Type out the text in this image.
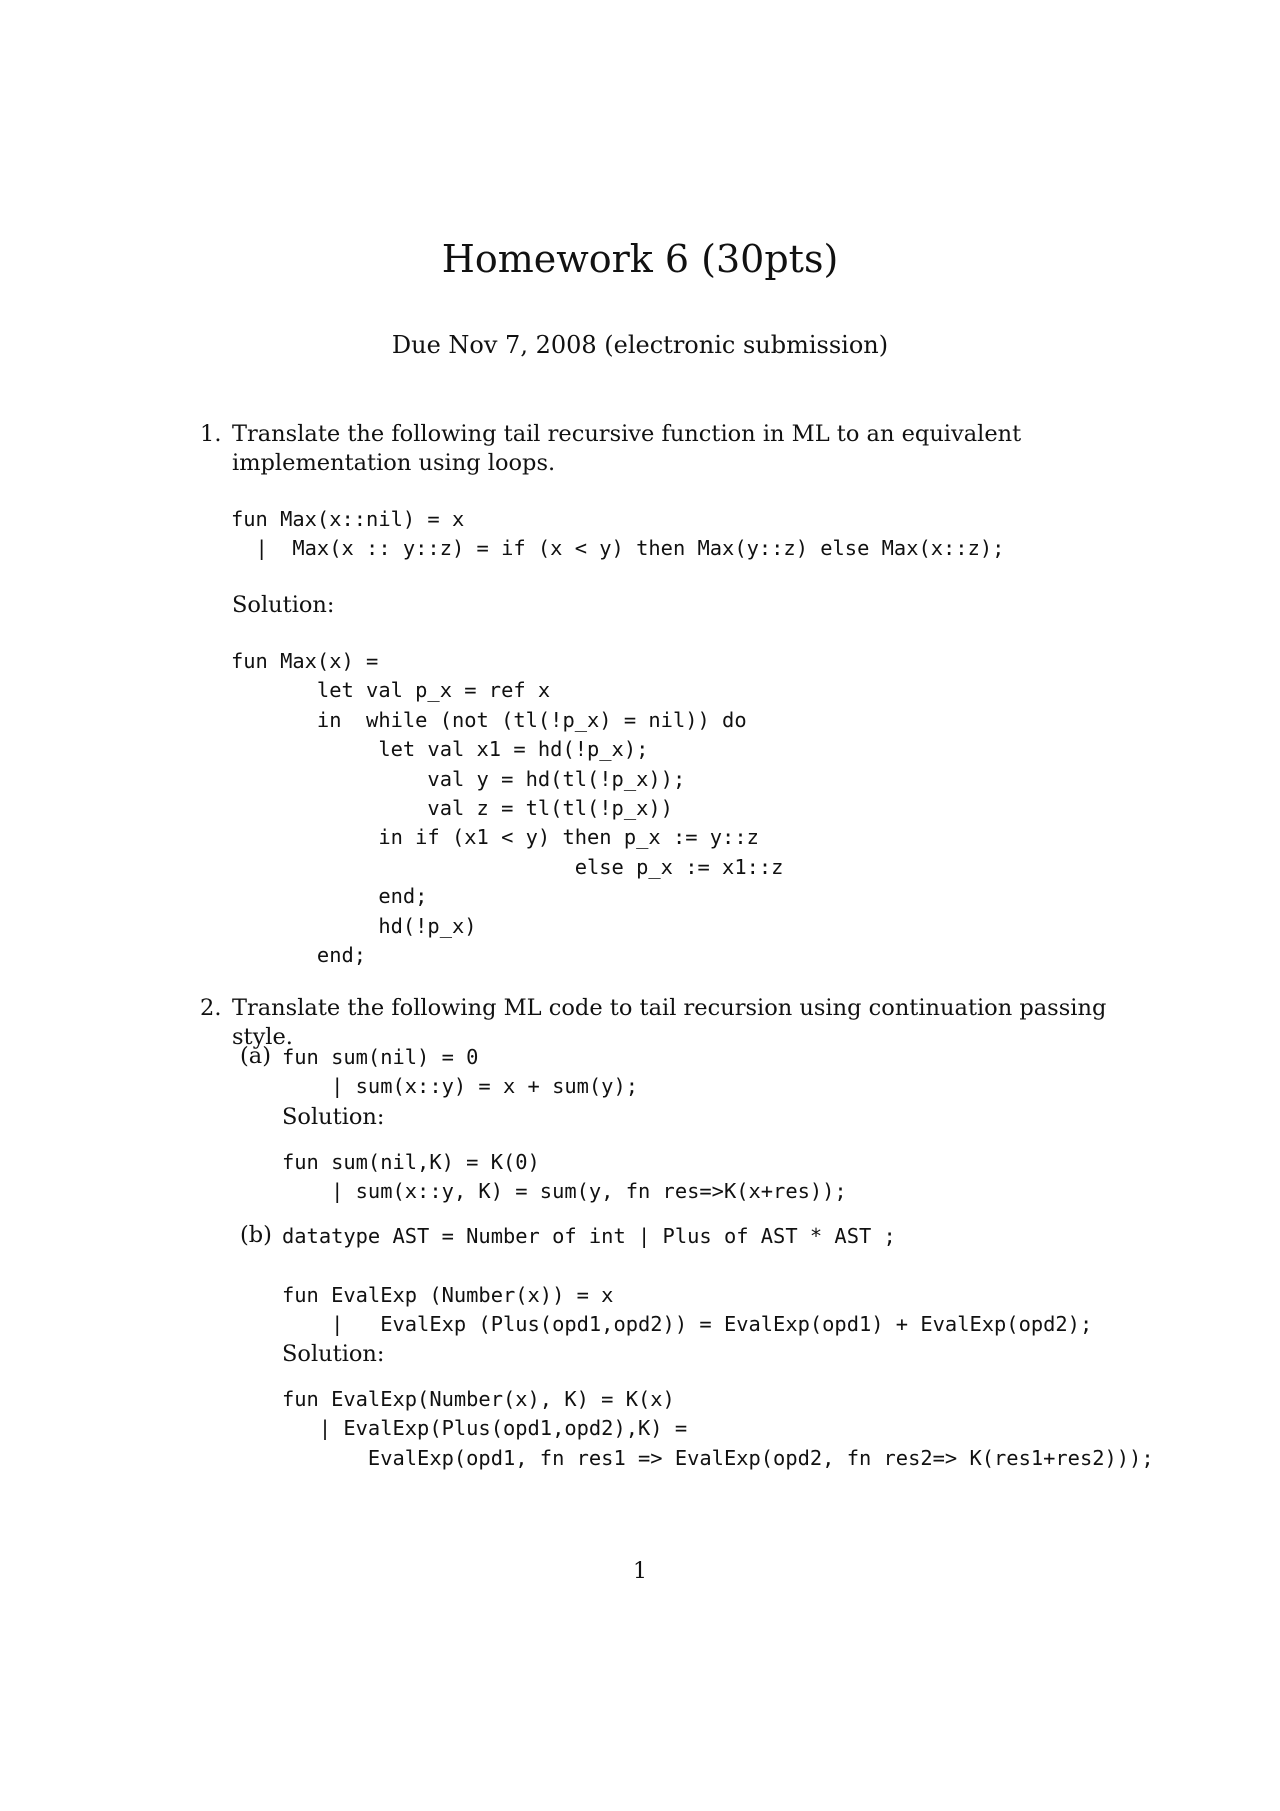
Homework 6 (30pts)
Due Nov 7, 2008 (electronic submission)
1. Translate the following tail recursive function in ML to an equivalent implementation using loops.
fun Max(x::nil) = x
|  Max(x :: y::z) = if (x < y) then Max(y::z) else Max(x::z);
Solution:
fun Max(x) =
let val p_x = ref x
in  while (not (tl(!p_x) = nil)) do
let val x1 = hd(!p_x);
val y = hd(tl(!p_x));
val z = tl(tl(!p_x))
in if (x1 < y) then p_x := y::z
else p_x := x1::z
end;
hd(!p_x)
end;
2. Translate the following ML code to tail recursion using continuation passing style.
(a) fun sum(nil) = 0
| sum(x::y) = x + sum(y);
Solution:
fun sum(nil,K) = K(0)
| sum(x::y, K) = sum(y, fn res=>K(x+res));
(b) datatype AST = Number of int | Plus of AST * AST ;

fun EvalExp (Number(x)) = x
|   EvalExp (Plus(opd1,opd2)) = EvalExp(opd1) + EvalExp(opd2);
Solution:
fun EvalExp(Number(x), K) = K(x)
| EvalExp(Plus(opd1,opd2),K) =
EvalExp(opd1, fn res1 => EvalExp(opd2, fn res2=> K(res1+res2)));
1
